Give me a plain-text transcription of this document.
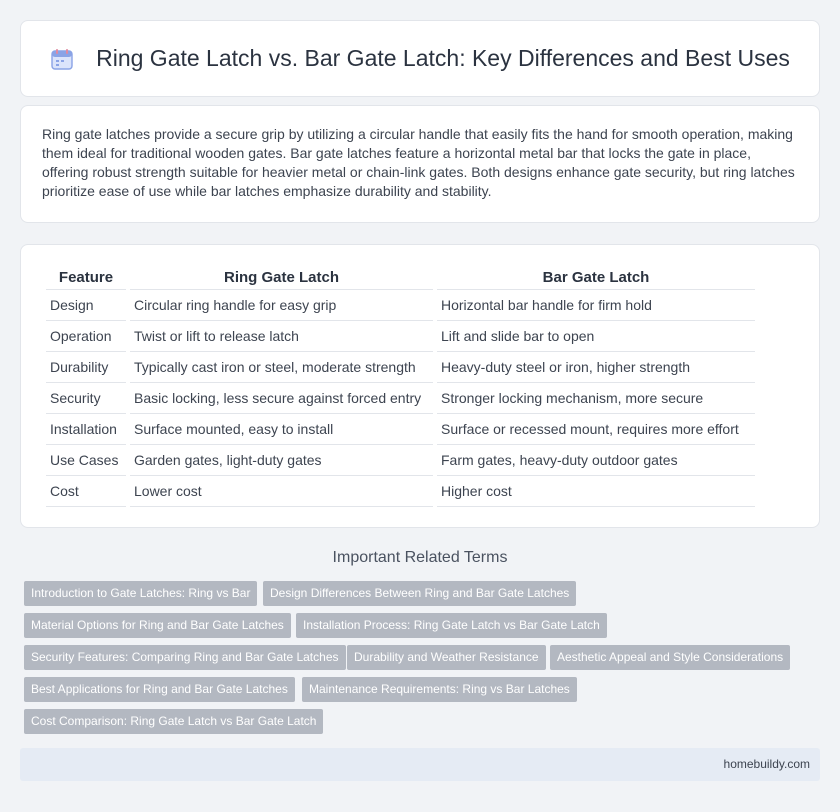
Ring Gate Latch vs. Bar Gate Latch: Key Differences and Best Uses

Ring gate latches provide a secure grip by utilizing a circular handle that easily fits the hand for smooth operation, making them ideal for traditional wooden gates. Bar gate latches feature a horizontal metal bar that locks the gate in place, offering robust strength suitable for heavier metal or chain-link gates. Both designs enhance gate security, but ring latches prioritize ease of use while bar latches emphasize durability and stability.

Feature	Ring Gate Latch	Bar Gate Latch
Design	Circular ring handle for easy grip	Horizontal bar handle for firm hold
Operation	Twist or lift to release latch	Lift and slide bar to open
Durability	Typically cast iron or steel, moderate strength	Heavy-duty steel or iron, higher strength
Security	Basic locking, less secure against forced entry	Stronger locking mechanism, more secure
Installation	Surface mounted, easy to install	Surface or recessed mount, requires more effort
Use Cases	Garden gates, light-duty gates	Farm gates, heavy-duty outdoor gates
Cost	Lower cost	Higher cost
Important Related Terms
Introduction to Gate Latches: Ring vs Bar	Design Differences Between Ring and Bar Gate Latches
Material Options for Ring and Bar Gate Latches	Installation Process: Ring Gate Latch vs Bar Gate Latch
Security Features: Comparing Ring and Bar Gate Latches	Durability and Weather Resistance	Aesthetic Appeal and Style Considerations
Best Applications for Ring and Bar Gate Latches	Maintenance Requirements: Ring vs Bar Latches
Cost Comparison: Ring Gate Latch vs Bar Gate Latch
homebuildy.com
